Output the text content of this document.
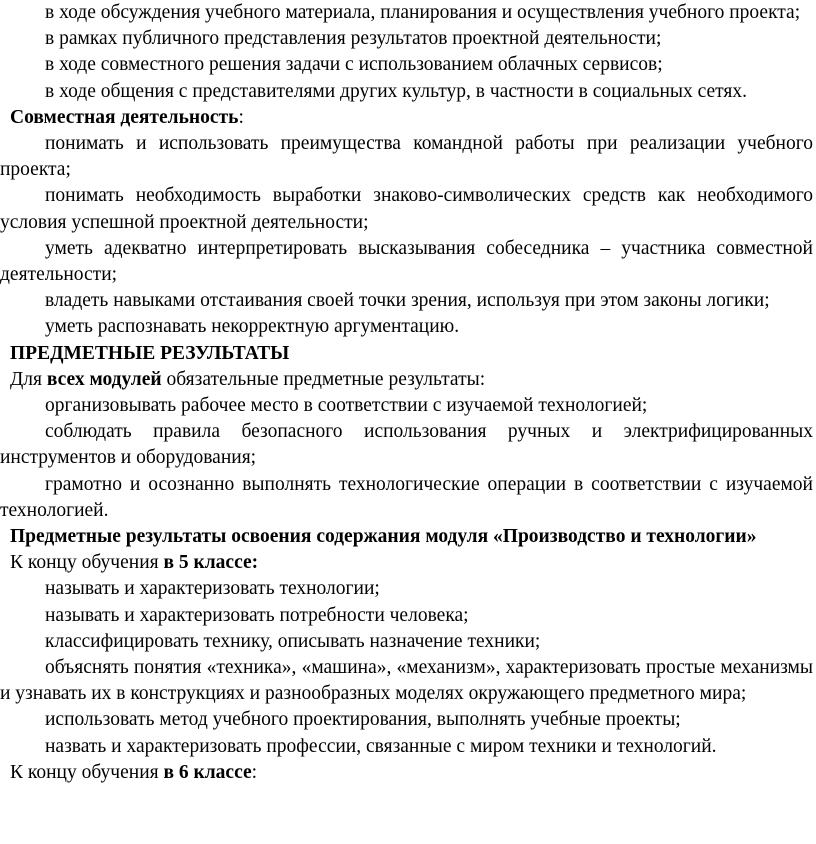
в ходе обсуждения учебного материала, планирования и осуществления учебного проекта;

в рамках публичного представления результатов проектной деятельности;

в ходе совместного решения задачи с использованием облачных сервисов;

в ходе общения с представителями других культур, в частности в социальных сетях.

Совместная деятельность:

понимать и использовать преимущества командной работы при реализации учебного проекта;

понимать необходимость выработки знаково-символических средств как необходимого условия успешной проектной деятельности;

уметь адекватно интерпретировать высказывания собеседника – участника совместной деятельности;

владеть навыками отстаивания своей точки зрения, используя при этом законы логики;

уметь распознавать некорректную аргументацию.

ПРЕДМЕТНЫЕ РЕЗУЛЬТАТЫ

Для всех модулей обязательные предметные результаты:

организовывать рабочее место в соответствии с изучаемой технологией;

соблюдать правила безопасного использования ручных и электрифицированных инструментов и оборудования;

грамотно и осознанно выполнять технологические операции в соответствии с изучаемой технологией.

Предметные результаты освоения содержания модуля «Производство и технологии»

К концу обучения в 5 классе:

называть и характеризовать технологии;

называть и характеризовать потребности человека;

классифицировать технику, описывать назначение техники;

объяснять понятия «техника», «машина», «механизм», характеризовать простые механизмы и узнавать их в конструкциях и разнообразных моделях окружающего предметного мира;

использовать метод учебного проектирования, выполнять учебные проекты;

назвать и характеризовать профессии, связанные с миром техники и технологий.

К концу обучения в 6 классе:
